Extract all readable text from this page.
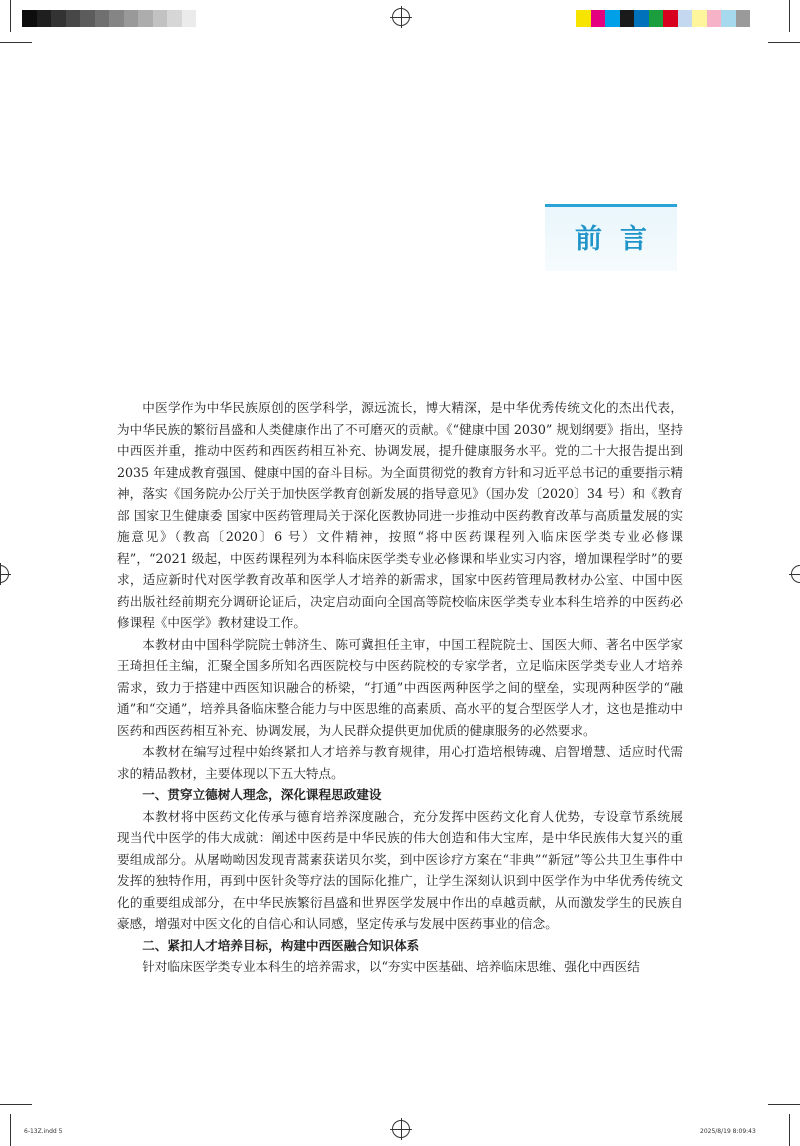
前言

中医学作为中华民族原创的医学科学，源远流长，博大精深，是中华优秀传统文化的杰出代表，为中华民族的繁衍昌盛和人类健康作出了不可磨灭的贡献。《“健康中国 2030” 规划纲要》指出，坚持中西医并重，推动中医药和西医药相互补充、协调发展，提升健康服务水平。党的二十大报告提出到 2035 年建成教育强国、健康中国的奋斗目标。为全面贯彻党的教育方针和习近平总书记的重要指示精神，落实《国务院办公厅关于加快医学教育创新发展的指导意见》（国办发〔2020〕34 号）和《教育部 国家卫生健康委 国家中医药管理局关于深化医教协同进一步推动中医药教育改革与高质量发展的实施意见》（教高〔2020〕6 号）文件精神，按照“将中医药课程列入临床医学类专业必修课程”，“2021 级起，中医药课程列为本科临床医学类专业必修课和毕业实习内容，增加课程学时”的要求，适应新时代对医学教育改革和医学人才培养的新需求，国家中医药管理局教材办公室、中国中医药出版社经前期充分调研论证后，决定启动面向全国高等院校临床医学类专业本科生培养的中医药必修课程《中医学》教材建设工作。

本教材由中国科学院院士韩济生、陈可冀担任主审，中国工程院院士、国医大师、著名中医学家王琦担任主编，汇聚全国多所知名西医院校与中医药院校的专家学者，立足临床医学类专业人才培养需求，致力于搭建中西医知识融合的桥梁，“打通”中西医两种医学之间的壁垒，实现两种医学的“融通”和“交通”，培养具备临床整合能力与中医思维的高素质、高水平的复合型医学人才，这也是推动中医药和西医药相互补充、协调发展，为人民群众提供更加优质的健康服务的必然要求。

本教材在编写过程中始终紧扣人才培养与教育规律，用心打造培根铸魂、启智增慧、适应时代需求的精品教材，主要体现以下五大特点。

一、贯穿立德树人理念，深化课程思政建设

本教材将中医药文化传承与德育培养深度融合，充分发挥中医药文化育人优势，专设章节系统展现当代中医学的伟大成就：阐述中医药是中华民族的伟大创造和伟大宝库，是中华民族伟大复兴的重要组成部分。从屠呦呦因发现青蒿素获诺贝尔奖，到中医诊疗方案在“非典”“新冠”等公共卫生事件中发挥的独特作用，再到中医针灸等疗法的国际化推广，让学生深刻认识到中医学作为中华优秀传统文化的重要组成部分，在中华民族繁衍昌盛和世界医学发展中作出的卓越贡献，从而激发学生的民族自豪感，增强对中医文化的自信心和认同感，坚定传承与发展中医药事业的信念。

二、紧扣人才培养目标，构建中西医融合知识体系

针对临床医学类专业本科生的培养需求，以“夯实中医基础、培养临床思维、强化中西医结

6-13Z.indd 5	2025/8/19 8:09:43
